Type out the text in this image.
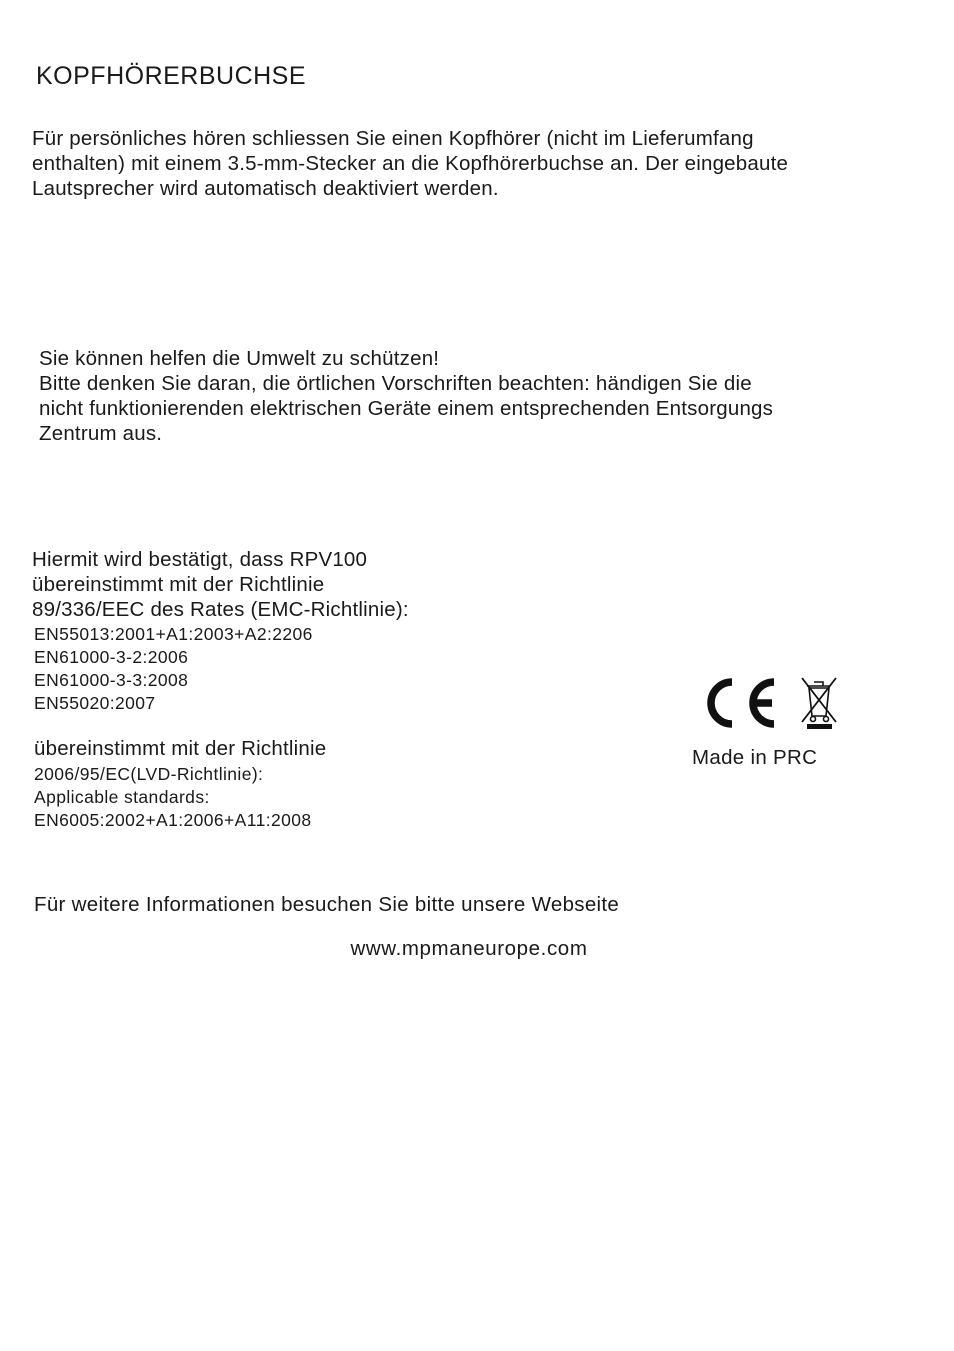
KOPFHÖRERBUCHSE
Für persönliches hören schliessen Sie einen Kopfhörer (nicht im Lieferumfang
enthalten) mit einem 3.5-mm-Stecker an die Kopfhörerbuchse an. Der eingebaute
Lautsprecher wird automatisch deaktiviert werden.
Sie können helfen die Umwelt zu schützen!
Bitte denken Sie daran, die örtlichen Vorschriften beachten: händigen Sie die
nicht funktionierenden elektrischen Geräte einem entsprechenden Entsorgungs
Zentrum aus.
Hiermit wird bestätigt, dass RPV100
übereinstimmt mit der Richtlinie
89/336/EEC des Rates (EMC-Richtlinie):
EN55013:2001+A1:2003+A2:2206
EN61000-3-2:2006
EN61000-3-3:2008
EN55020:2007
übereinstimmt mit der Richtlinie
2006/95/EC(LVD-Richtlinie):
Applicable standards:
EN6005:2002+A1:2006+A11:2008
Made in PRC
Für weitere Informationen besuchen Sie bitte unsere Webseite
www.mpmaneurope.com
